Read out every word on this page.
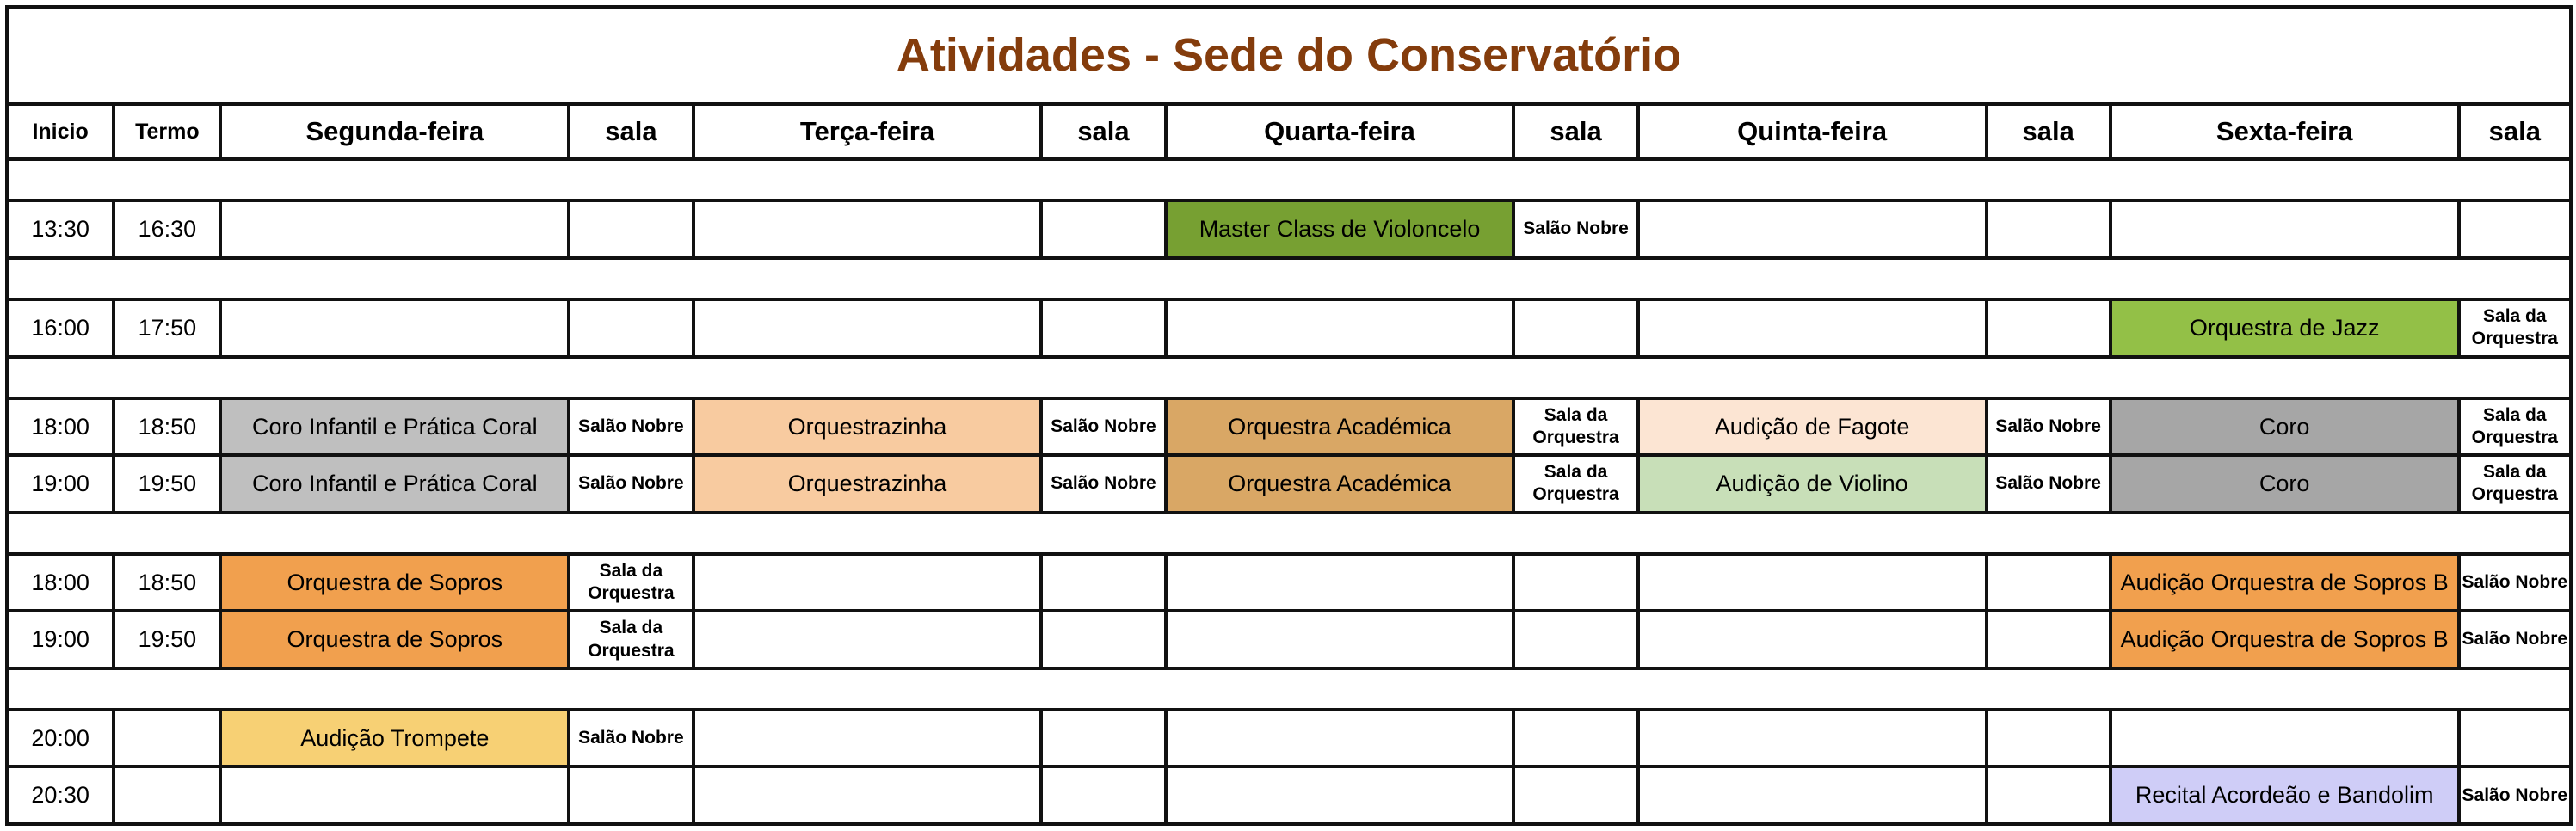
Atividades - Sede do Conservatório											
Inicio	Termo	Segunda-feira	sala	Terça-feira	sala	Quarta-feira	sala	Quinta-feira	sala	Sexta-feira	sala

13:30	16:30					Master Class de Violoncelo	Salão Nobre				

16:00	17:50									Orquestra de Jazz	Sala da Orquestra

18:00	18:50	Coro Infantil e Prática Coral	Salão Nobre	Orquestrazinha	Salão Nobre	Orquestra Académica	Sala da Orquestra	Audição de Fagote	Salão Nobre	Coro	Sala da Orquestra
19:00	19:50	Coro Infantil e Prática Coral	Salão Nobre	Orquestrazinha	Salão Nobre	Orquestra Académica	Sala da Orquestra	Audição de Violino	Salão Nobre	Coro	Sala da Orquestra

18:00	18:50	Orquestra de Sopros	Sala da Orquestra							Audição Orquestra de Sopros B	Salão Nobre
19:00	19:50	Orquestra de Sopros	Sala da Orquestra							Audição Orquestra de Sopros B	Salão Nobre

20:00		Audição Trompete	Salão Nobre								
20:30										Recital Acordeão e Bandolim	Salão Nobre
